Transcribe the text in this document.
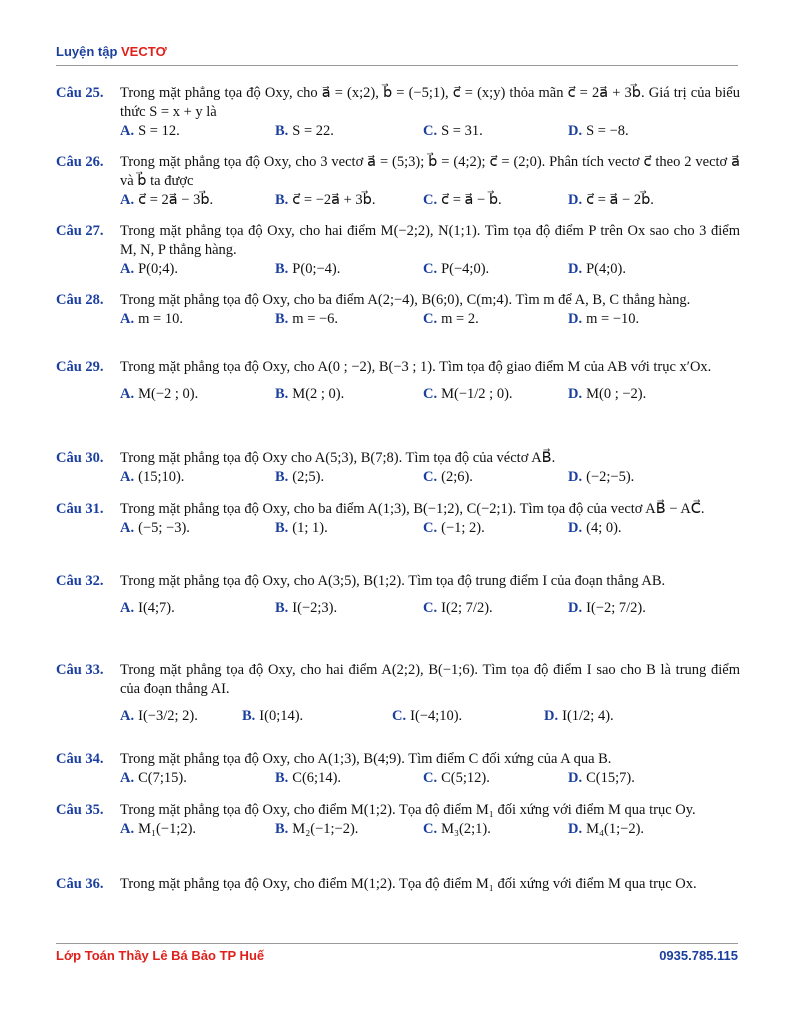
Luyện tập VECTƠ
Câu 25. Trong mặt phẳng tọa độ Oxy, cho a⃗ = (x;2), b⃗ = (−5;1), c⃗ = (x;y) thỏa mãn c⃗ = 2a⃗ + 3b⃗. Giá trị của biểu thức S = x + y là
A. S = 12.	B. S = 22.	C. S = 31.	D. S = −8.
Câu 26. Trong mặt phẳng tọa độ Oxy, cho 3 vectơ a⃗ = (5;3); b⃗ = (4;2); c⃗ = (2;0). Phân tích vectơ c⃗ theo 2 vectơ a⃗ và b⃗ ta được
A. c⃗ = 2a⃗ − 3b⃗.	B. c⃗ = −2a⃗ + 3b⃗.	C. c⃗ = a⃗ − b⃗.	D. c⃗ = a⃗ − 2b⃗.
Câu 27. Trong mặt phẳng tọa độ Oxy, cho hai điểm M(−2;2), N(1;1). Tìm tọa độ điểm P trên Ox sao cho 3 điểm M, N, P thẳng hàng.
A. P(0;4).	B. P(0;−4).	C. P(−4;0).	D. P(4;0).
Câu 28. Trong mặt phẳng tọa độ Oxy, cho ba điểm A(2;−4), B(6;0), C(m;4). Tìm m để A, B, C thẳng hàng.
A. m = 10.	B. m = −6.	C. m = 2.	D. m = −10.
Câu 29. Trong mặt phẳng tọa độ Oxy, cho A(0 ; −2), B(−3 ; 1). Tìm tọa độ giao điểm M của AB với trục x′Ox.
A. M(−2 ; 0).	B. M(2 ; 0).	C. M(−1/2 ; 0).	D. M(0 ; −2).
Câu 30. Trong mặt phẳng tọa độ Oxy cho A(5;3), B(7;8). Tìm tọa độ của véctơ AB⃗.
A. (15;10).	B. (2;5).	C. (2;6).	D. (−2;−5).
Câu 31. Trong mặt phẳng tọa độ Oxy, cho ba điểm A(1;3), B(−1;2), C(−2;1). Tìm tọa độ của vectơ AB⃗ − AC⃗.
A. (−5; −3).	B. (1; 1).	C. (−1; 2).	D. (4; 0).
Câu 32. Trong mặt phẳng tọa độ Oxy, cho A(3;5), B(1;2). Tìm tọa độ trung điểm I của đoạn thẳng AB.
A. I(4;7).	B. I(−2;3).	C. I(2; 7/2).	D. I(−2; 7/2).
Câu 33. Trong mặt phẳng tọa độ Oxy, cho hai điểm A(2;2), B(−1;6). Tìm tọa độ điểm I sao cho B là trung điểm của đoạn thẳng AI.
A. I(−3/2; 2).	B. I(0;14).	C. I(−4;10).	D. I(1/2; 4).
Câu 34. Trong mặt phẳng tọa độ Oxy, cho A(1;3), B(4;9). Tìm điểm C đối xứng của A qua B.
A. C(7;15).	B. C(6;14).	C. C(5;12).	D. C(15;7).
Câu 35. Trong mặt phẳng tọa độ Oxy, cho điểm M(1;2). Tọa độ điểm M₁ đối xứng với điểm M qua trục Oy.
A. M₁(−1;2).	B. M₂(−1;−2).	C. M₃(2;1).	D. M₄(1;−2).
Câu 36. Trong mặt phẳng tọa độ Oxy, cho điểm M(1;2). Tọa độ điểm M₁ đối xứng với điểm M qua trục Ox.
Lớp Toán Thầy Lê Bá Bảo TP Huế	0935.785.115
